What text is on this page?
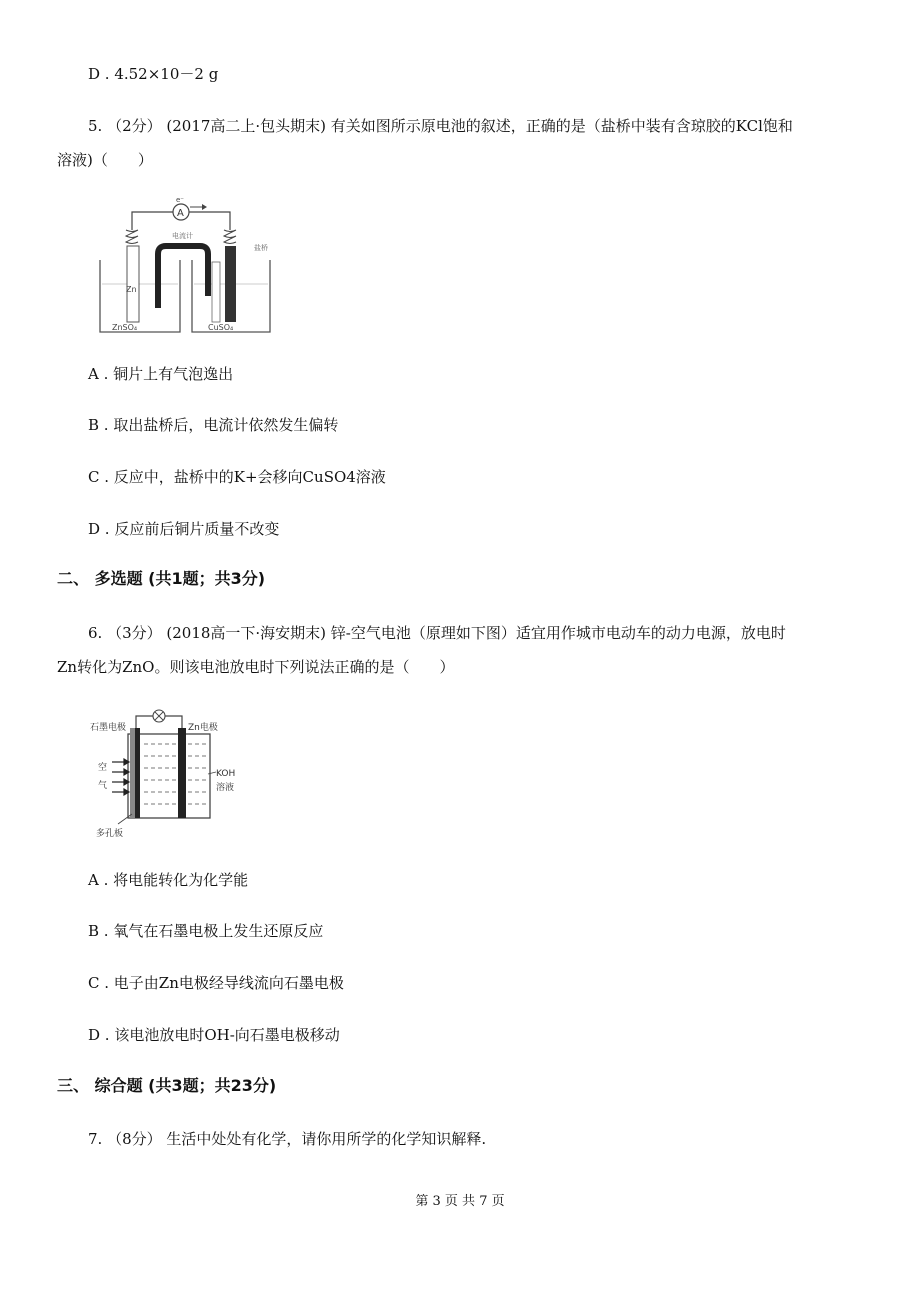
D . 4.52×10－2 g
5. （2分） (2017高二上·包头期末) 有关如图所示原电池的叙述，正确的是（盐桥中装有含琼胶的KCl饱和
溶液)（　　）
A
e⁻
电流计
盐桥
Zn
ZnSO₄	CuSO₄
A . 铜片上有气泡逸出
B . 取出盐桥后，电流计依然发生偏转
C . 反应中，盐桥中的K+会移向CuSO4溶液
D . 反应前后铜片质量不改变
二、 多选题 (共1题；共3分)
6. （3分） (2018高一下·海安期末) 锌-空气电池（原理如下图）适宜用作城市电动车的动力电源，放电时
Zn转化为ZnO。则该电池放电时下列说法正确的是（　　）
石墨电极	Zn电极
空
气
KOH
溶液
多孔板
A . 将电能转化为化学能
B . 氧气在石墨电极上发生还原反应
C . 电子由Zn电极经导线流向石墨电极
D . 该电池放电时OH-向石墨电极移动
三、 综合题 (共3题；共23分)
7. （8分） 生活中处处有化学，请你用所学的化学知识解释.
第 3 页 共 7 页
